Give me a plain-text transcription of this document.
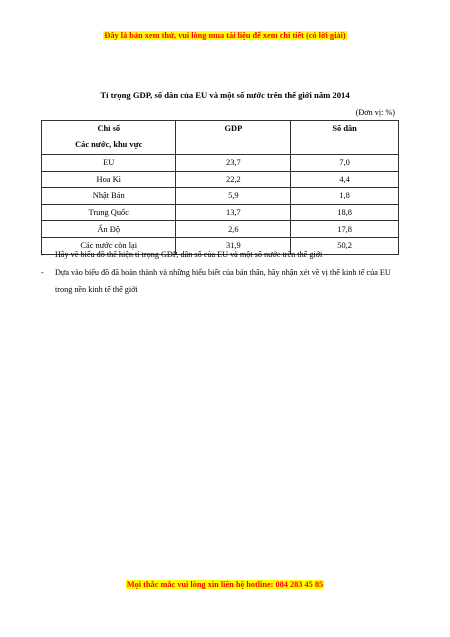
Đây là bản xem thử, vui lòng mua tài liệu để xem chi tiết (có lời giải)
Tỉ trọng GDP, số dân của EU và một số nước trên thế giới năm 2014
(Đơn vị: %)
Chỉ số
Các nước, khu vực	GDP	Số dân

EU	23,7	7,0
Hoa Kì	22,2	4,4
Nhật Bản	5,9	1,8
Trung Quốc	13,7	18,8
Ấn Độ	2,6	17,8
Các nước còn lại	31,9	50,2
- Hãy vẽ biểu đồ thể hiện tỉ trọng GDP, dân số của EU và một số nước trên thế giới
- Dựa vào biểu đồ đã hoàn thành và những hiểu biết của bản thân, hãy nhận xét về vị thế kinh tế của EU trong nền kinh tế thế giới
Mọi thắc mắc vui lòng xin liên hệ hotline: 084 283 45 85
